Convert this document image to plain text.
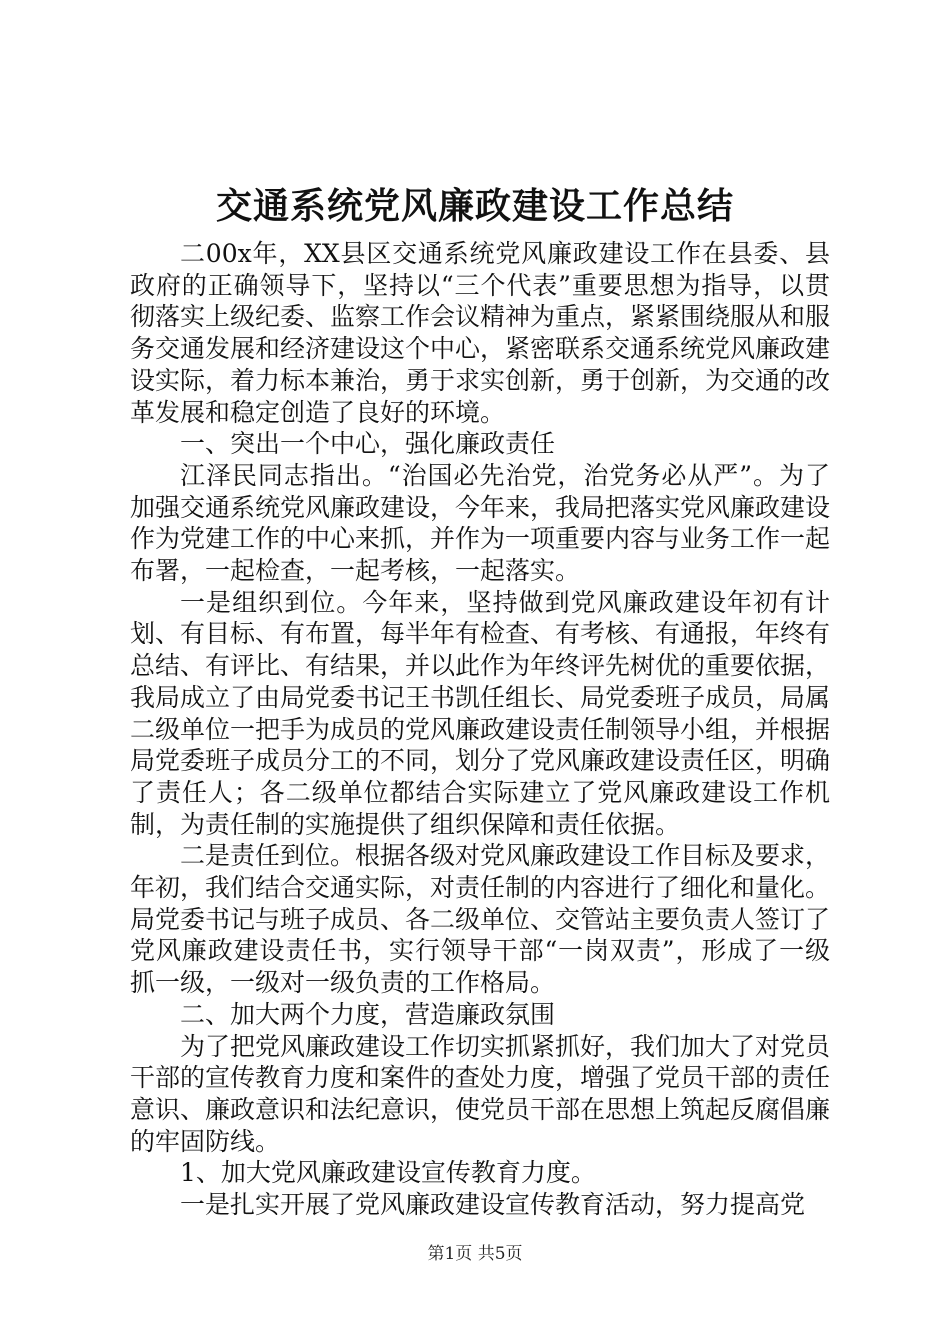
交通系统党风廉政建设工作总结

二00x年，XX县区交通系统党风廉政建设工作在县委、县政府的正确领导下，坚持以“三个代表”重要思想为指导，以贯彻落实上级纪委、监察工作会议精神为重点，紧紧围绕服从和服务交通发展和经济建设这个中心，紧密联系交通系统党风廉政建设实际，着力标本兼治，勇于求实创新，勇于创新，为交通的改革发展和稳定创造了良好的环境。

一、突出一个中心，强化廉政责任

江泽民同志指出。“治国必先治党，治党务必从严”。为了加强交通系统党风廉政建设，今年来，我局把落实党风廉政建设作为党建工作的中心来抓，并作为一项重要内容与业务工作一起布署，一起检查，一起考核，一起落实。

一是组织到位。今年来，坚持做到党风廉政建设年初有计划、有目标、有布置，每半年有检查、有考核、有通报，年终有总结、有评比、有结果，并以此作为年终评先树优的重要依据，我局成立了由局党委书记王书凯任组长、局党委班子成员，局属二级单位一把手为成员的党风廉政建设责任制领导小组，并根据局党委班子成员分工的不同，划分了党风廉政建设责任区，明确了责任人；各二级单位都结合实际建立了党风廉政建设工作机制，为责任制的实施提供了组织保障和责任依据。

二是责任到位。根据各级对党风廉政建设工作目标及要求，年初，我们结合交通实际，对责任制的内容进行了细化和量化。局党委书记与班子成员、各二级单位、交管站主要负责人签订了党风廉政建设责任书，实行领导干部“一岗双责”，形成了一级抓一级，一级对一级负责的工作格局。

二、加大两个力度，营造廉政氛围

为了把党风廉政建设工作切实抓紧抓好，我们加大了对党员干部的宣传教育力度和案件的查处力度，增强了党员干部的责任意识、廉政意识和法纪意识，使党员干部在思想上筑起反腐倡廉的牢固防线。

1、加大党风廉政建设宣传教育力度。

一是扎实开展了党风廉政建设宣传教育活动，努力提高党

第1页 共5页
